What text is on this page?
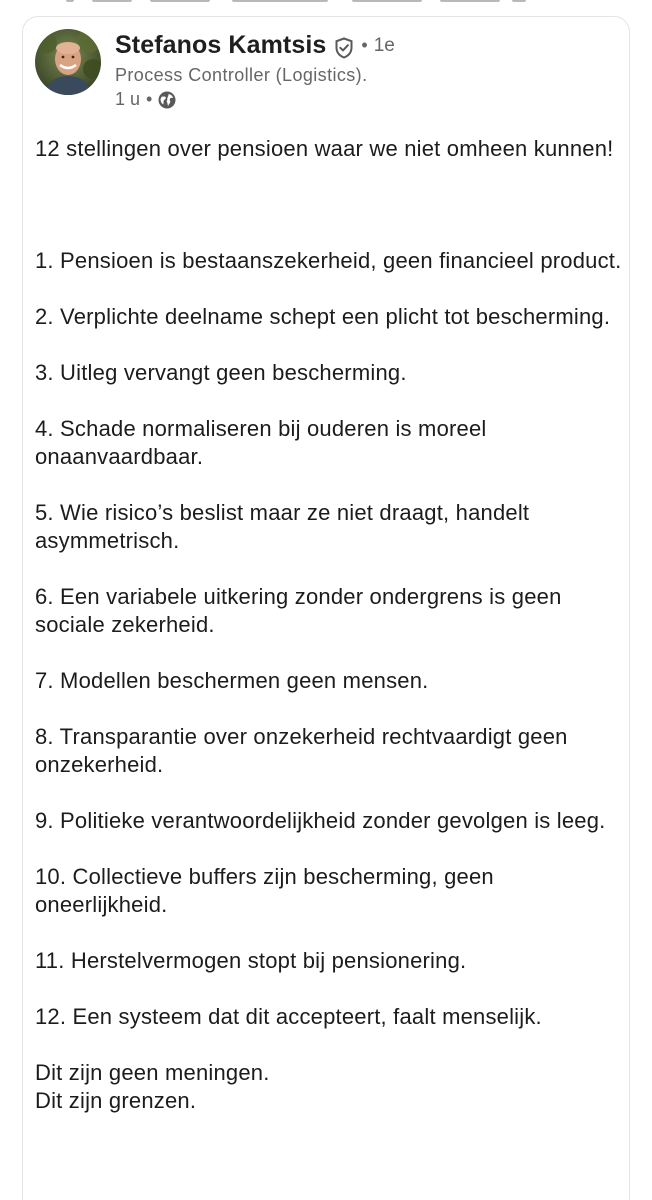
Stefanos Kamtsis • 1e
Process Controller (Logistics).
1 u •

12 stellingen over pensioen waar we niet omheen kunnen!

1. Pensioen is bestaanszekerheid, geen financieel product.

2. Verplichte deelname schept een plicht tot bescherming.

3. Uitleg vervangt geen bescherming.

4. Schade normaliseren bij ouderen is moreel onaanvaardbaar.

5. Wie risico’s beslist maar ze niet draagt, handelt asymmetrisch.

6. Een variabele uitkering zonder ondergrens is geen sociale zekerheid.

7. Modellen beschermen geen mensen.

8. Transparantie over onzekerheid rechtvaardigt geen onzekerheid.

9. Politieke verantwoordelijkheid zonder gevolgen is leeg.

10. Collectieve buffers zijn bescherming, geen oneerlijkheid.

11. Herstelvermogen stopt bij pensionering.

12. Een systeem dat dit accepteert, faalt menselijk.

Dit zijn geen meningen.

Dit zijn grenzen.
